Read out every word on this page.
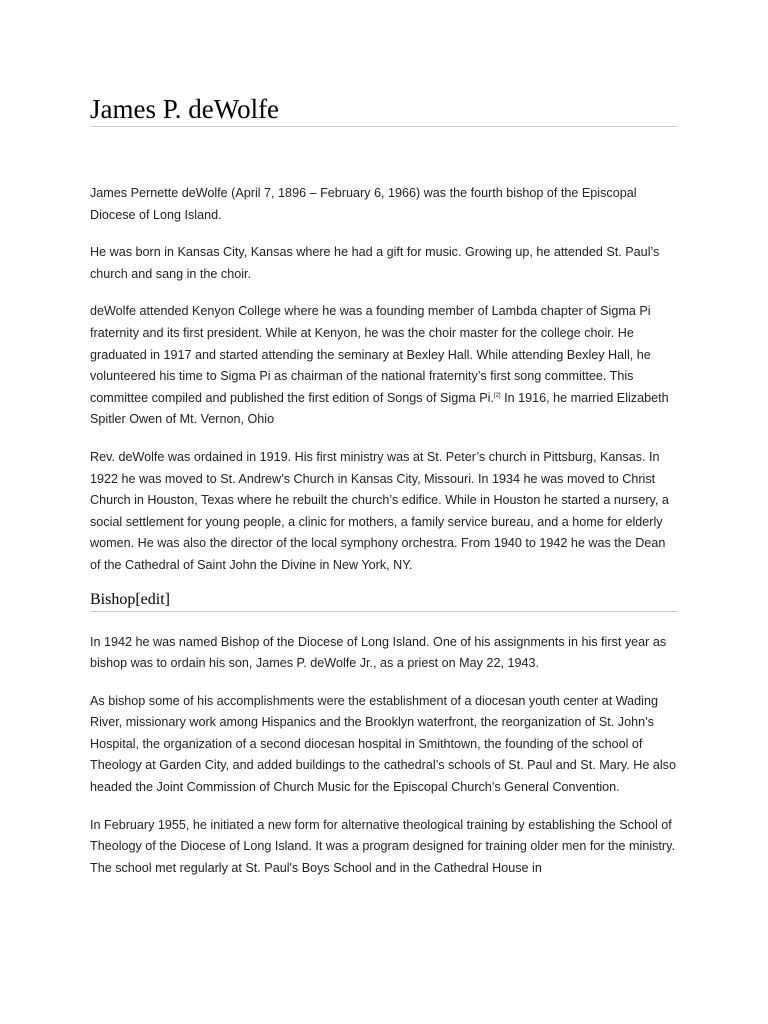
James P. deWolfe

James Pernette deWolfe (April 7, 1896 – February 6, 1966) was the fourth bishop of the Episcopal Diocese of Long Island.

He was born in Kansas City, Kansas where he had a gift for music. Growing up, he attended St. Paul’s church and sang in the choir.

deWolfe attended Kenyon College where he was a founding member of Lambda chapter of Sigma Pi fraternity and its first president. While at Kenyon, he was the choir master for the college choir. He graduated in 1917 and started attending the seminary at Bexley Hall. While attending Bexley Hall, he volunteered his time to Sigma Pi as chairman of the national fraternity’s first song committee. This committee compiled and published the first edition of Songs of Sigma Pi.[2] In 1916, he married Elizabeth Spitler Owen of Mt. Vernon, Ohio

Rev. deWolfe was ordained in 1919. His first ministry was at St. Peter’s church in Pittsburg, Kansas. In 1922 he was moved to St. Andrew’s Church in Kansas City, Missouri. In 1934 he was moved to Christ Church in Houston, Texas where he rebuilt the church’s edifice. While in Houston he started a nursery, a social settlement for young people, a clinic for mothers, a family service bureau, and a home for elderly women. He was also the director of the local symphony orchestra. From 1940 to 1942 he was the Dean of the Cathedral of Saint John the Divine in New York, NY.

Bishop[edit]

In 1942 he was named Bishop of the Diocese of Long Island. One of his assignments in his first year as bishop was to ordain his son, James P. deWolfe Jr., as a priest on May 22, 1943.

As bishop some of his accomplishments were the establishment of a diocesan youth center at Wading River, missionary work among Hispanics and the Brooklyn waterfront, the reorganization of St. John’s Hospital, the organization of a second diocesan hospital in Smithtown, the founding of the school of Theology at Garden City, and added buildings to the cathedral’s schools of St. Paul and St. Mary. He also headed the Joint Commission of Church Music for the Episcopal Church’s General Convention.

In February 1955, he initiated a new form for alternative theological training by establishing the School of Theology of the Diocese of Long Island. It was a program designed for training older men for the ministry. The school met regularly at St. Paul's Boys School and in the Cathedral House in
